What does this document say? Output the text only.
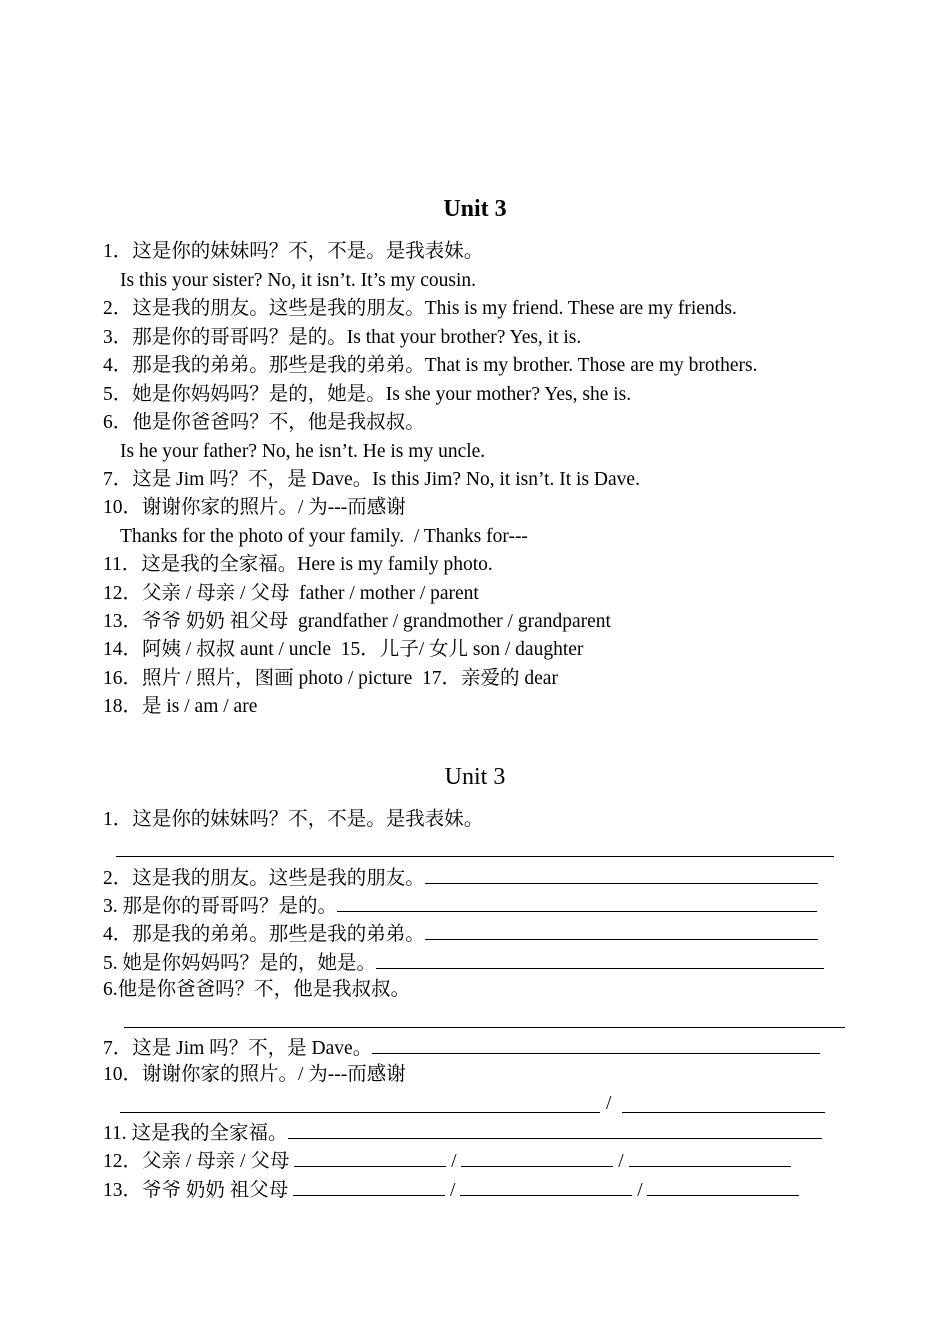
Unit 3
1．这是你的妹妹吗？不，不是。是我表妹。
Is this your sister? No, it isn’t. It’s my cousin.
2．这是我的朋友。这些是我的朋友。This is my friend. These are my friends.
3．那是你的哥哥吗？是的。Is that your brother? Yes, it is.
4．那是我的弟弟。那些是我的弟弟。That is my brother. Those are my brothers.
5．她是你妈妈吗？是的，她是。Is she your mother? Yes, she is.
6．他是你爸爸吗？不，他是我叔叔。
Is he your father? No, he isn’t. He is my uncle.
7．这是 Jim 吗？不，是 Dave。Is this Jim? No, it isn’t. It is Dave.
10．谢谢你家的照片。/ 为---而感谢
Thanks for the photo of your family.  / Thanks for---
11．这是我的全家福。Here is my family photo.
12．父亲 / 母亲 / 父母  father / mother / parent
13．爷爷 奶奶 祖父母  grandfather / grandmother / grandparent
14．阿姨 / 叔叔 aunt / uncle  15．儿子/ 女儿 son / daughter
16．照片 / 照片，图画 photo / picture  17．亲爱的 dear
18．是 is / am / are
Unit 3
1．这是你的妹妹吗？不，不是。是我表妹。
2．这是我的朋友。这些是我的朋友。
3. 那是你的哥哥吗？是的。
4．那是我的弟弟。那些是我的弟弟。
5. 她是你妈妈吗？是的，她是。
6.他是你爸爸吗？不，他是我叔叔。
7．这是 Jim 吗？不，是 Dave。
10．谢谢你家的照片。/ 为---而感谢
/
11. 这是我的全家福。
12．父亲 / 母亲 / 父母	/	/
13．爷爷 奶奶 祖父母	/	/
